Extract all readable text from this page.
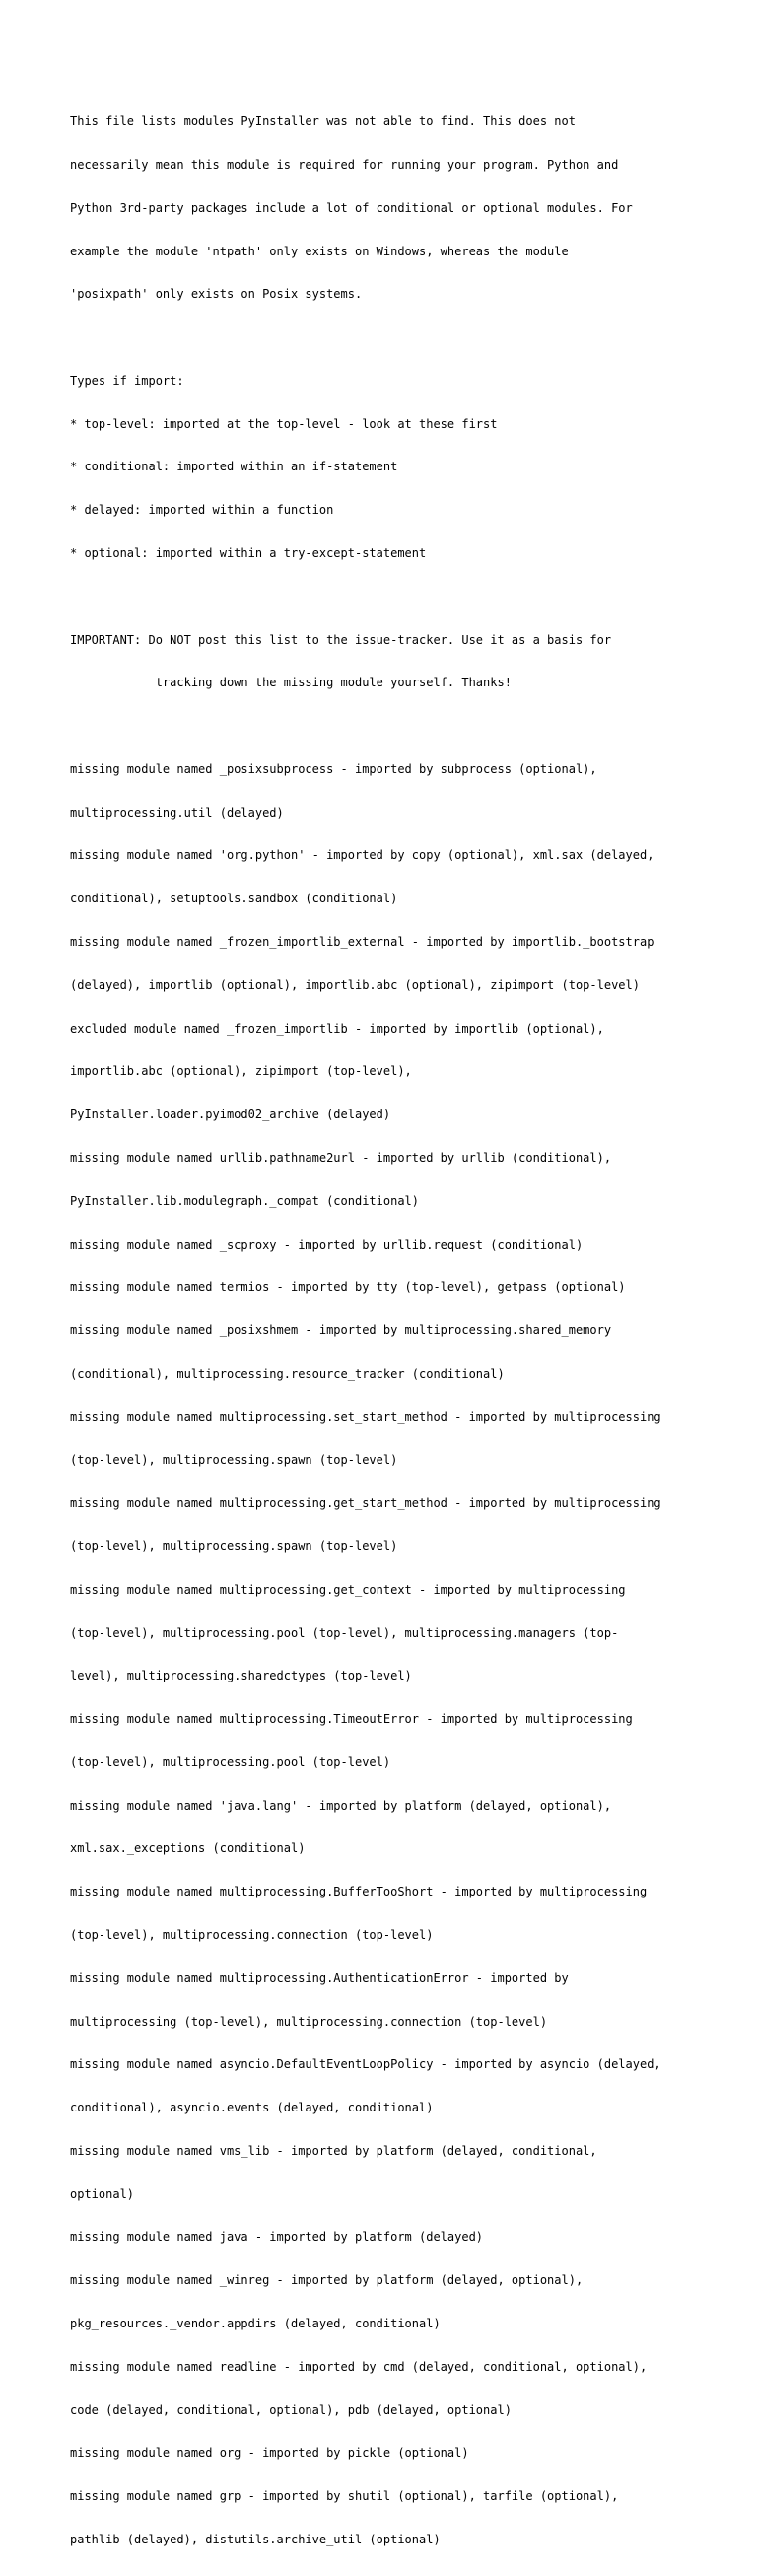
This file lists modules PyInstaller was not able to find. This does not

necessarily mean this module is required for running your program. Python and

Python 3rd-party packages include a lot of conditional or optional modules. For

example the module 'ntpath' only exists on Windows, whereas the module

'posixpath' only exists on Posix systems.

Types if import:

* top-level: imported at the top-level - look at these first

* conditional: imported within an if-statement

* delayed: imported within a function

* optional: imported within a try-except-statement

IMPORTANT: Do NOT post this list to the issue-tracker. Use it as a basis for

tracking down the missing module yourself. Thanks!

missing module named _posixsubprocess - imported by subprocess (optional),

multiprocessing.util (delayed)

missing module named 'org.python' - imported by copy (optional), xml.sax (delayed,

conditional), setuptools.sandbox (conditional)

missing module named _frozen_importlib_external - imported by importlib._bootstrap

(delayed), importlib (optional), importlib.abc (optional), zipimport (top-level)

excluded module named _frozen_importlib - imported by importlib (optional),

importlib.abc (optional), zipimport (top-level),

PyInstaller.loader.pyimod02_archive (delayed)

missing module named urllib.pathname2url - imported by urllib (conditional),

PyInstaller.lib.modulegraph._compat (conditional)

missing module named _scproxy - imported by urllib.request (conditional)

missing module named termios - imported by tty (top-level), getpass (optional)

missing module named _posixshmem - imported by multiprocessing.shared_memory

(conditional), multiprocessing.resource_tracker (conditional)

missing module named multiprocessing.set_start_method - imported by multiprocessing

(top-level), multiprocessing.spawn (top-level)

missing module named multiprocessing.get_start_method - imported by multiprocessing

(top-level), multiprocessing.spawn (top-level)

missing module named multiprocessing.get_context - imported by multiprocessing

(top-level), multiprocessing.pool (top-level), multiprocessing.managers (top-

level), multiprocessing.sharedctypes (top-level)

missing module named multiprocessing.TimeoutError - imported by multiprocessing

(top-level), multiprocessing.pool (top-level)

missing module named 'java.lang' - imported by platform (delayed, optional),

xml.sax._exceptions (conditional)

missing module named multiprocessing.BufferTooShort - imported by multiprocessing

(top-level), multiprocessing.connection (top-level)

missing module named multiprocessing.AuthenticationError - imported by

multiprocessing (top-level), multiprocessing.connection (top-level)

missing module named asyncio.DefaultEventLoopPolicy - imported by asyncio (delayed,

conditional), asyncio.events (delayed, conditional)

missing module named vms_lib - imported by platform (delayed, conditional,

optional)

missing module named java - imported by platform (delayed)

missing module named _winreg - imported by platform (delayed, optional),

pkg_resources._vendor.appdirs (delayed, conditional)

missing module named readline - imported by cmd (delayed, conditional, optional),

code (delayed, conditional, optional), pdb (delayed, optional)

missing module named org - imported by pickle (optional)

missing module named grp - imported by shutil (optional), tarfile (optional),

pathlib (delayed), distutils.archive_util (optional)
